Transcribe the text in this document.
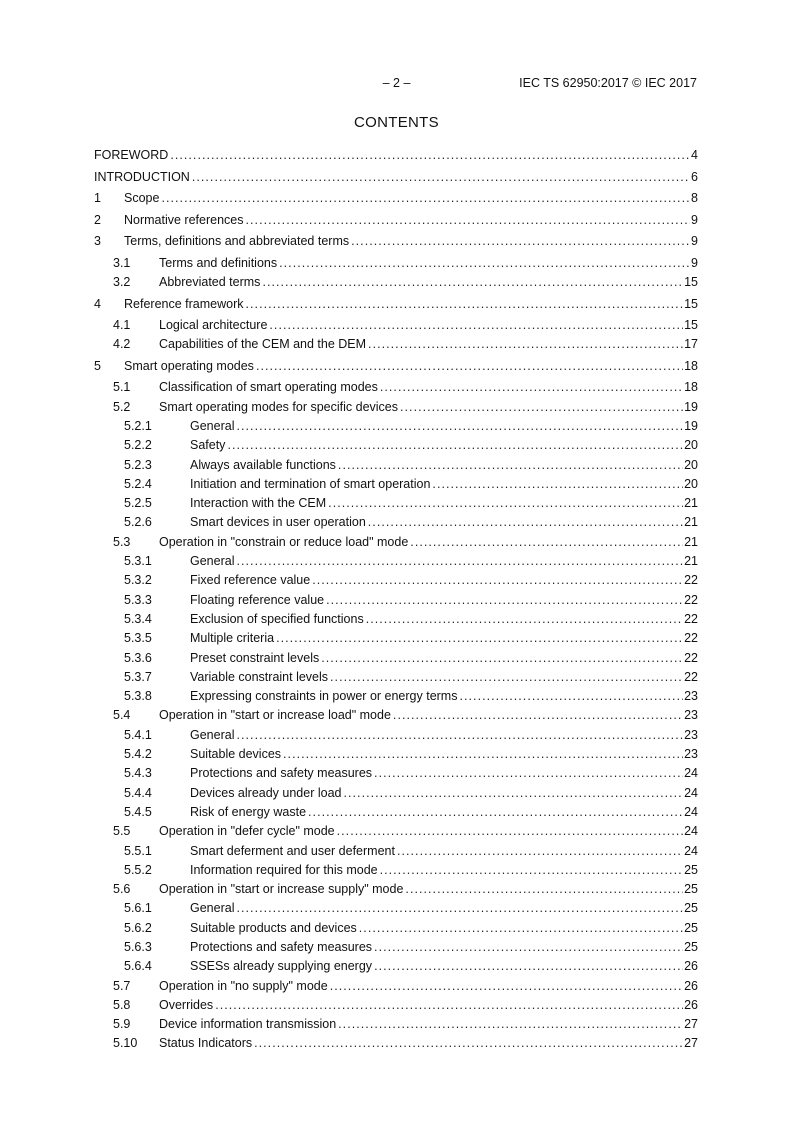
– 2 –	IEC TS 62950:2017 © IEC 2017
CONTENTS
FOREWORD .....	4
INTRODUCTION .....	6
1	Scope .....	8
2	Normative references .....	9
3	Terms, definitions and abbreviated terms .....	9
3.1	Terms and definitions .....	9
3.2	Abbreviated terms .....	15
4	Reference framework .....	15
4.1	Logical architecture .....	15
4.2	Capabilities of the CEM and the DEM .....	17
5	Smart operating modes .....	18
5.1	Classification of smart operating modes .....	18
5.2	Smart operating modes for specific devices .....	19
5.2.1	General .....	19
5.2.2	Safety .....	20
5.2.3	Always available functions .....	20
5.2.4	Initiation and termination of smart operation .....	20
5.2.5	Interaction with the CEM .....	21
5.2.6	Smart devices in user operation .....	21
5.3	Operation in "constrain or reduce load" mode .....	21
5.3.1	General .....	21
5.3.2	Fixed reference value .....	22
5.3.3	Floating reference value .....	22
5.3.4	Exclusion of specified functions .....	22
5.3.5	Multiple criteria .....	22
5.3.6	Preset constraint levels .....	22
5.3.7	Variable constraint levels .....	22
5.3.8	Expressing constraints in power or energy terms .....	23
5.4	Operation in "start or increase load" mode .....	23
5.4.1	General .....	23
5.4.2	Suitable devices .....	23
5.4.3	Protections and safety measures .....	24
5.4.4	Devices already under load .....	24
5.4.5	Risk of energy waste .....	24
5.5	Operation in "defer cycle" mode .....	24
5.5.1	Smart deferment and user deferment .....	24
5.5.2	Information required for this mode .....	25
5.6	Operation in "start or increase supply" mode .....	25
5.6.1	General .....	25
5.6.2	Suitable products and devices .....	25
5.6.3	Protections and safety measures .....	25
5.6.4	SSESs already supplying energy .....	26
5.7	Operation in "no supply" mode .....	26
5.8	Overrides .....	26
5.9	Device information transmission .....	27
5.10	Status Indicators .....	27
